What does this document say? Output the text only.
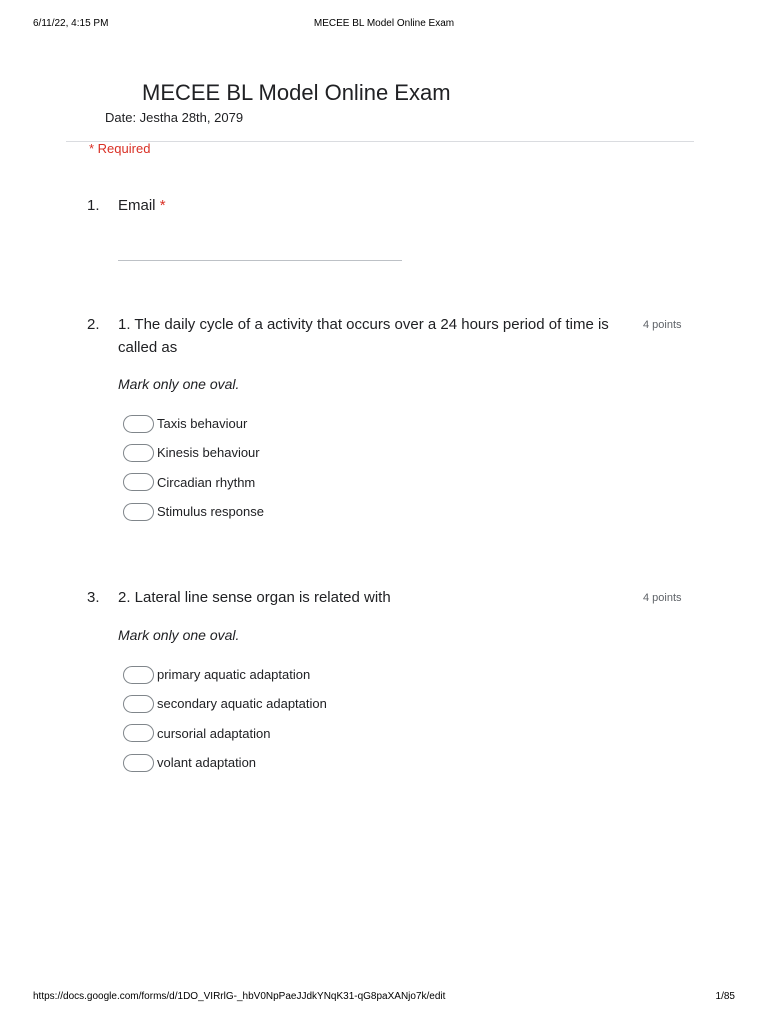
6/11/22, 4:15 PM	MECEE BL Model Online Exam
MECEE BL Model Online Exam
Date: Jestha 28th, 2079
* Required
1. Email *
2. 1. The daily cycle of a activity that occurs over a 24 hours period of time is called as
4 points
Mark only one oval.
Taxis behaviour
Kinesis behaviour
Circadian rhythm
Stimulus response
3. 2. Lateral line sense organ is related with	4 points
Mark only one oval.
primary aquatic adaptation
secondary aquatic adaptation
cursorial adaptation
volant adaptation
https://docs.google.com/forms/d/1DO_VIRrlG-_hbV0NpPaeJJdkYNqK31-qG8paXANjo7k/edit	1/85
